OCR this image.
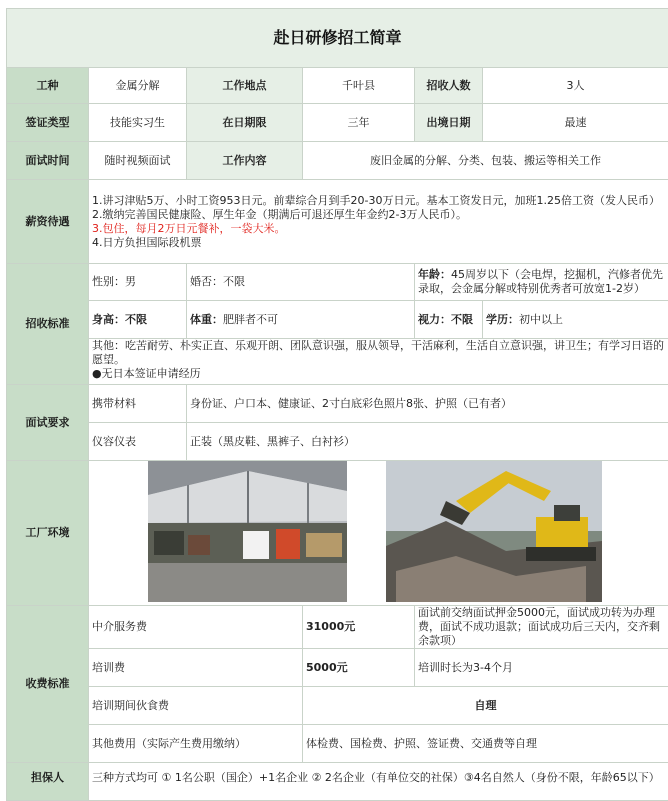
赴日研修招工简章					
工种	金属分解	工作地点	千叶县	招收人数	3人
签证类型	技能实习生	在日期限	三年	出境日期	最速
面试时间	随时视频面试	工作内容	废旧金属的分解、分类、包装、搬运等相关工作		
薪资待遇	1.讲习津贴5万、小时工资953日元。前辈综合月到手20-30万日元。基本工资发日元，加班1.25倍工资（发人民币）
2.缴纳完善国民健康险、厚生年金（期满后可退还厚生年金约2-3万人民币）。
3.包住，每月2万日元餐补，一袋大米。
4.日方负担国际段机票				

招收标准	性别：男	婚否：不限		年龄：45周岁以下（会电焊，挖掘机，汽修者优先录取，会金属分解或特别优秀者可放宽1-2岁）	
	身高：不限	体重：肥胖者不可		视力：不限	学历：初中以上

	其他：吃苦耐劳、朴实正直、乐观开朗、团队意识强，服从领导，干活麻利，生活自立意识强，讲卫生；有学习日语的愿望。
●无日本签证申请经历				

面试要求	携带材料	身份证、户口本、健康证、2寸白底彩色照片8张、护照（已有者）			
	仪容仪表	正装（黑皮鞋、黑裤子、白衬衫）			
工厂环境	

收费标准	中介服务费		31000元	面试前交纳面试押金5000元，面试成功转为办理费，面试不成功退款；面试成功后三天内，交齐剩余款项）	
	培训费		5000元	培训时长为3-4个月	
	培训期间伙食费		自理		
	其他费用（实际产生费用缴纳）		体检费、国检费、护照、签证费、交通费等自理		
担保人	三种方式均可 ① 1名公职（国企）+1名企业 ② 2名企业（有单位交的社保）③4名自然人（身份不限，年龄65以下）				
